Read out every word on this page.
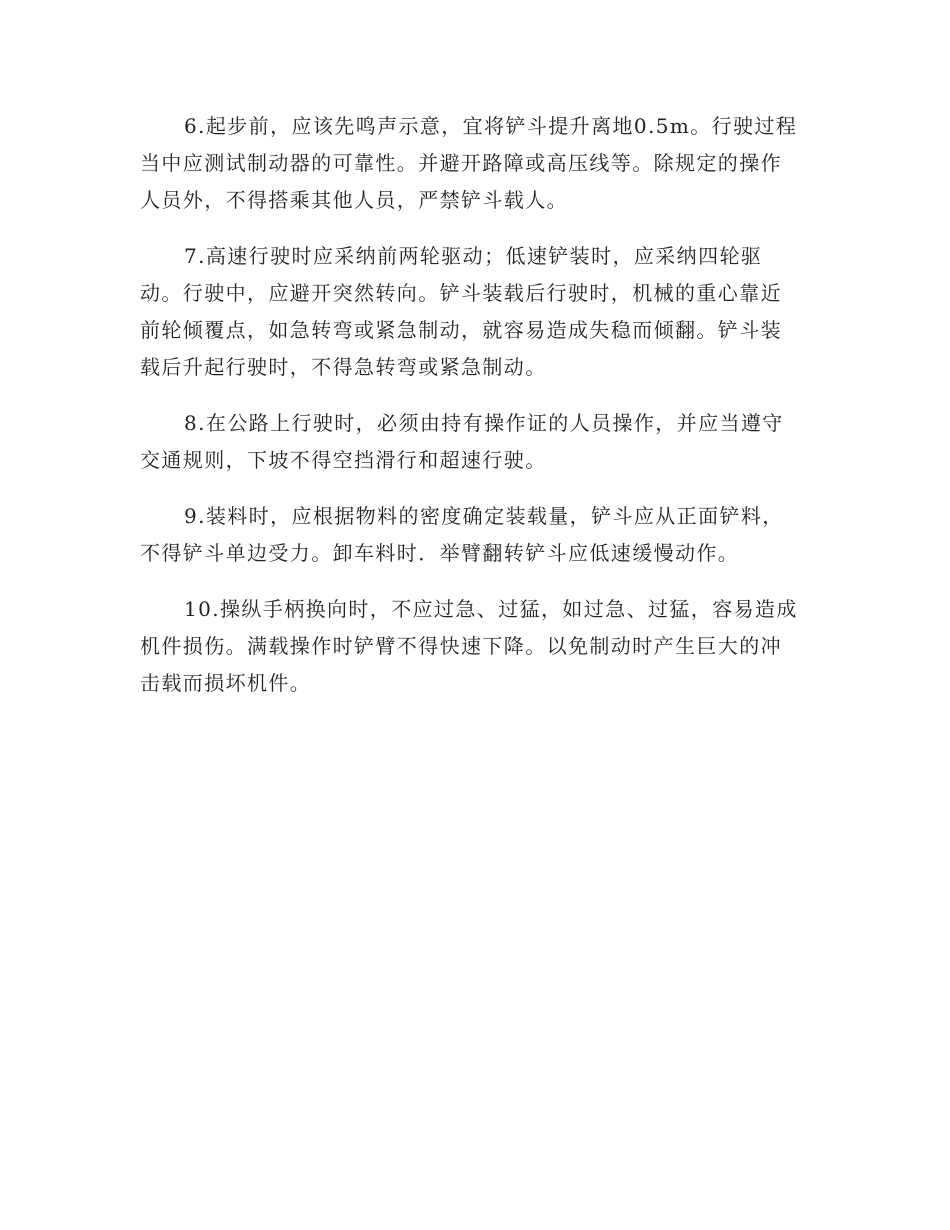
6.起步前，应该先鸣声示意，宜将铲斗提升离地0.5m。行驶过程
当中应测试制动器的可靠性。并避开路障或高压线等。除规定的操作
人员外，不得搭乘其他人员，严禁铲斗载人。
7.高速行驶时应采纳前两轮驱动；低速铲装时，应采纳四轮驱
动。行驶中，应避开突然转向。铲斗装载后行驶时，机械的重心靠近
前轮倾覆点，如急转弯或紧急制动，就容易造成失稳而倾翻。铲斗装
载后升起行驶时，不得急转弯或紧急制动。
8.在公路上行驶时，必须由持有操作证的人员操作，并应当遵守
交通规则，下坡不得空挡滑行和超速行驶。
9.装料时，应根据物料的密度确定装载量，铲斗应从正面铲料，
不得铲斗单边受力。卸车料时．举臂翻转铲斗应低速缓慢动作。
10.操纵手柄换向时，不应过急、过猛，如过急、过猛，容易造成
机件损伤。满载操作时铲臂不得快速下降。以免制动时产生巨大的冲
击载而损坏机件。
